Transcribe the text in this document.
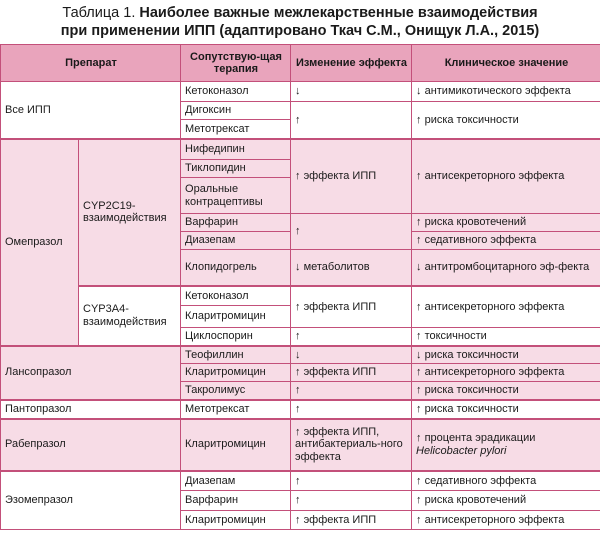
Таблица 1. Наиболее важные межлекарственные взаимодействия
при применении ИПП (адаптировано Ткач С.М., Онищук Л.А., 2015)
Препарат		Сопутствую-щая терапия	Изменение эффекта	Клиническое значение
Все ИПП		Кетоконазол	↓	↓ антимикотического эффекта
		Дигоксин	↑	↑ риска токсичности
		Метотрексат		
Омепразол	CYP2C19-взаимодействия	Нифедипин	↑ эффекта ИПП	↑ антисекреторного эффекта
		Тиклопидин		
		Оральные контрацептивы		
		Варфарин	↑	↑ риска кровотечений
		Диазепам		↑ седативного эффекта
		Клопидогрель	↓ метаболитов	↓ антитромбоцитарного эф-фекта
	CYP3A4-взаимодействия	Кетоконазол	↑ эффекта ИПП	↑ антисекреторного эффекта
		Кларитромицин		
		Циклоспорин	↑	↑ токсичности
Лансопразол		Теофиллин	↓	↓ риска токсичности
		Кларитромицин	↑ эффекта ИПП	↑ антисекреторного эффекта
		Такролимус	↑	↑ риска токсичности
Пантопразол		Метотрексат	↑	↑ риска токсичности
Рабепразол		Кларитромицин	↑ эффекта ИПП, антибактериаль-ного эффекта	↑ процента эрадикации
Helicobacter pylori

Эзомепразол		Диазепам	↑	↑ седативного эффекта
		Варфарин	↑	↑ риска кровотечений
		Кларитромицин	↑ эффекта ИПП	↑ антисекреторного эффекта
